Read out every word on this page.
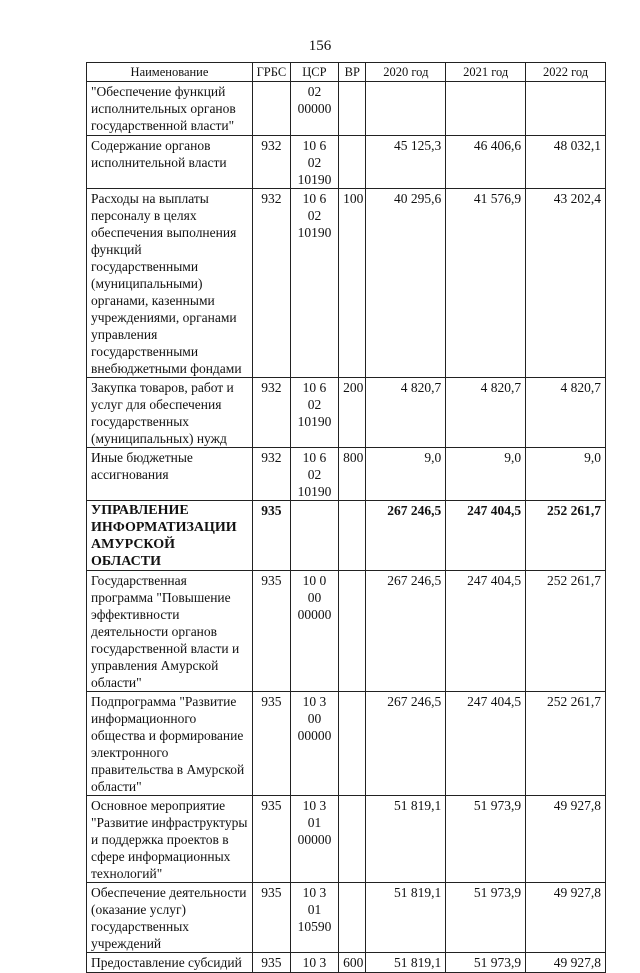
156
Наименование	ГРБС	ЦСР	ВР	2020 год	2021 год	2022 год
"Обеспечение функций исполнительных органов государственной власти"		02 00000				
Содержание органов исполнительной власти	932	10 6 02 10190		45 125,3	46 406,6	48 032,1
Расходы на выплаты персоналу в целях обеспечения выполнения функций государственными (муниципальными) органами, казенными учреждениями, органами управления государственными внебюджетными фондами	932	10 6 02 10190	100	40 295,6	41 576,9	43 202,4
Закупка товаров, работ и услуг для обеспечения государственных (муниципальных) нужд	932	10 6 02 10190	200	4 820,7	4 820,7	4 820,7
Иные бюджетные ассигнования	932	10 6 02 10190	800	9,0	9,0	9,0
УПРАВЛЕНИЕ ИНФОРМАТИЗАЦИИ АМУРСКОЙ ОБЛАСТИ	935			267 246,5	247 404,5	252 261,7
Государственная программа "Повышение эффективности деятельности органов государственной власти и управления Амурской области"	935	10 0 00 00000		267 246,5	247 404,5	252 261,7
Подпрограмма "Развитие информационного общества и формирование электронного правительства в Амурской области"	935	10 3 00 00000		267 246,5	247 404,5	252 261,7
Основное мероприятие "Развитие инфраструктуры и поддержка проектов в сфере информационных технологий"	935	10 3 01 00000		51 819,1	51 973,9	49 927,8
Обеспечение деятельности (оказание услуг) государственных учреждений	935	10 3 01 10590		51 819,1	51 973,9	49 927,8
Предоставление субсидий	935	10 3	600	51 819,1	51 973,9	49 927,8
